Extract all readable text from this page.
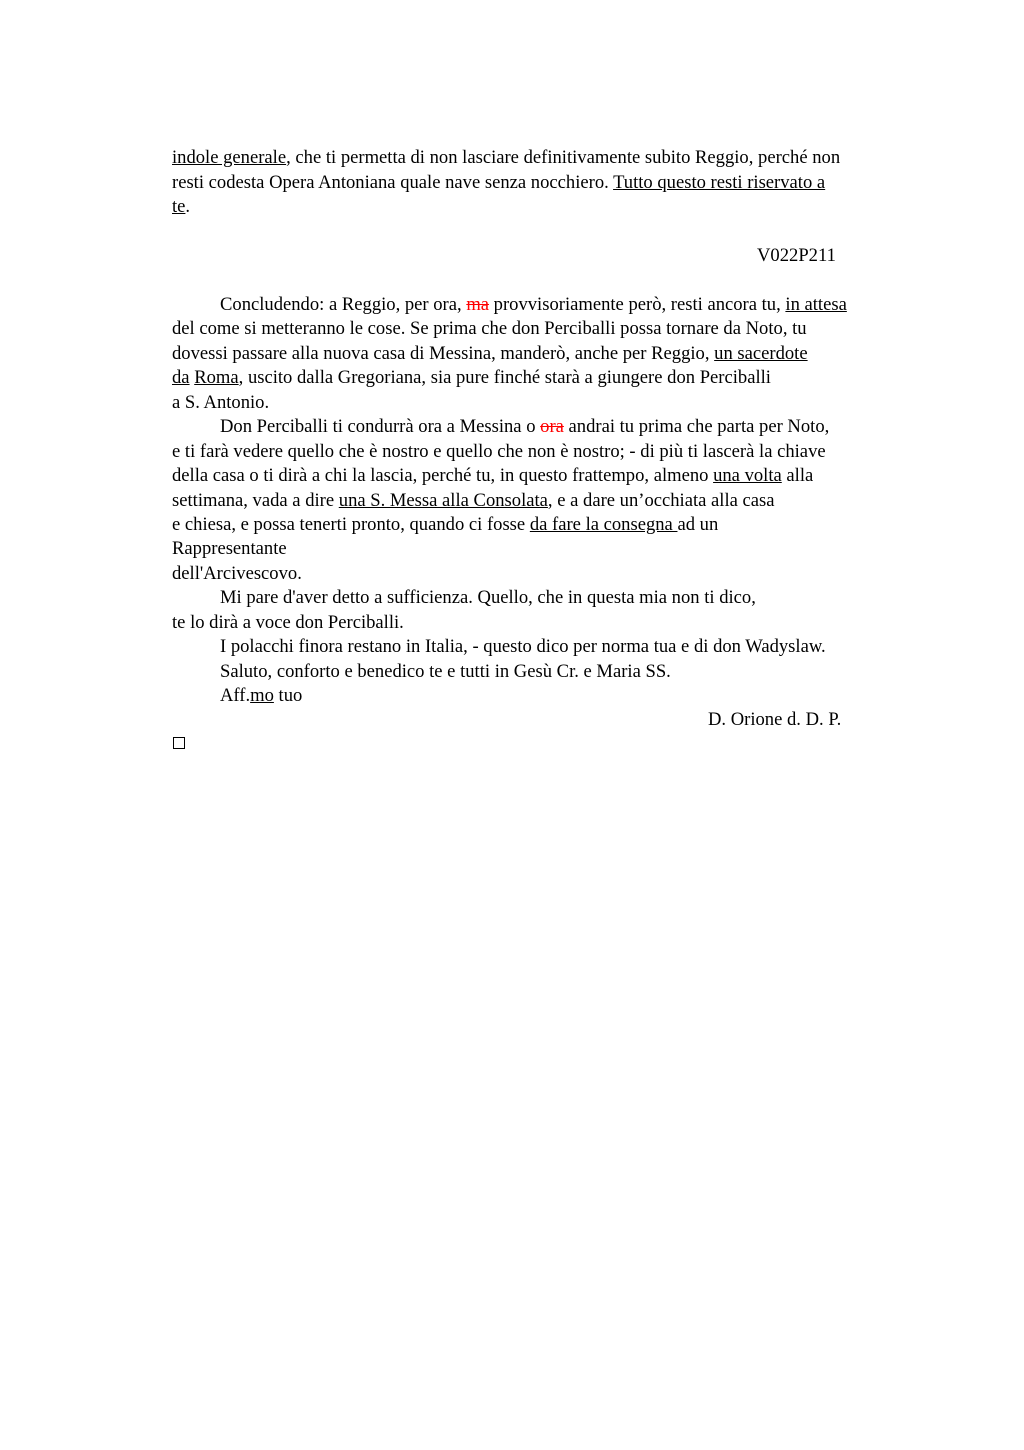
indole generale, che ti permetta di non lasciare definitivamente subito Reggio, perché non
resti codesta Opera Antoniana quale nave senza nocchiero. Tutto questo resti riservato a
te.
V022P211
Concludendo: a Reggio, per ora, ma provvisoriamente però, resti ancora tu, in attesa
del come si metteranno le cose. Se prima che don Perciballi possa tornare da Noto, tu
dovessi passare alla nuova casa di Messina, manderò, anche per Reggio, un sacerdote
da Roma, uscito dalla Gregoriana, sia pure finché starà a giungere don Perciballi
a S. Antonio.
Don Perciballi ti condurrà ora a Messina o ora andrai tu prima che parta per Noto,
e ti farà vedere quello che è nostro e quello che non è nostro; - di più ti lascerà la chiave
della casa o ti dirà a chi la lascia, perché tu, in questo frattempo, almeno una volta alla
settimana, vada a dire una S. Messa alla Consolata, e a dare un’occhiata alla casa
e chiesa, e possa tenerti pronto, quando ci fosse da fare la consegna ad un
Rappresentante
dell'Arcivescovo.
Mi pare d'aver detto a sufficienza. Quello, che in questa mia non ti dico,
te lo dirà a voce don Perciballi.
I polacchi finora restano in Italia, - questo dico per norma tua e di don Wadyslaw.
Saluto, conforto e benedico te e tutti in Gesù Cr. e Maria SS.
Aff.mo tuo
D. Orione d. D. P.
